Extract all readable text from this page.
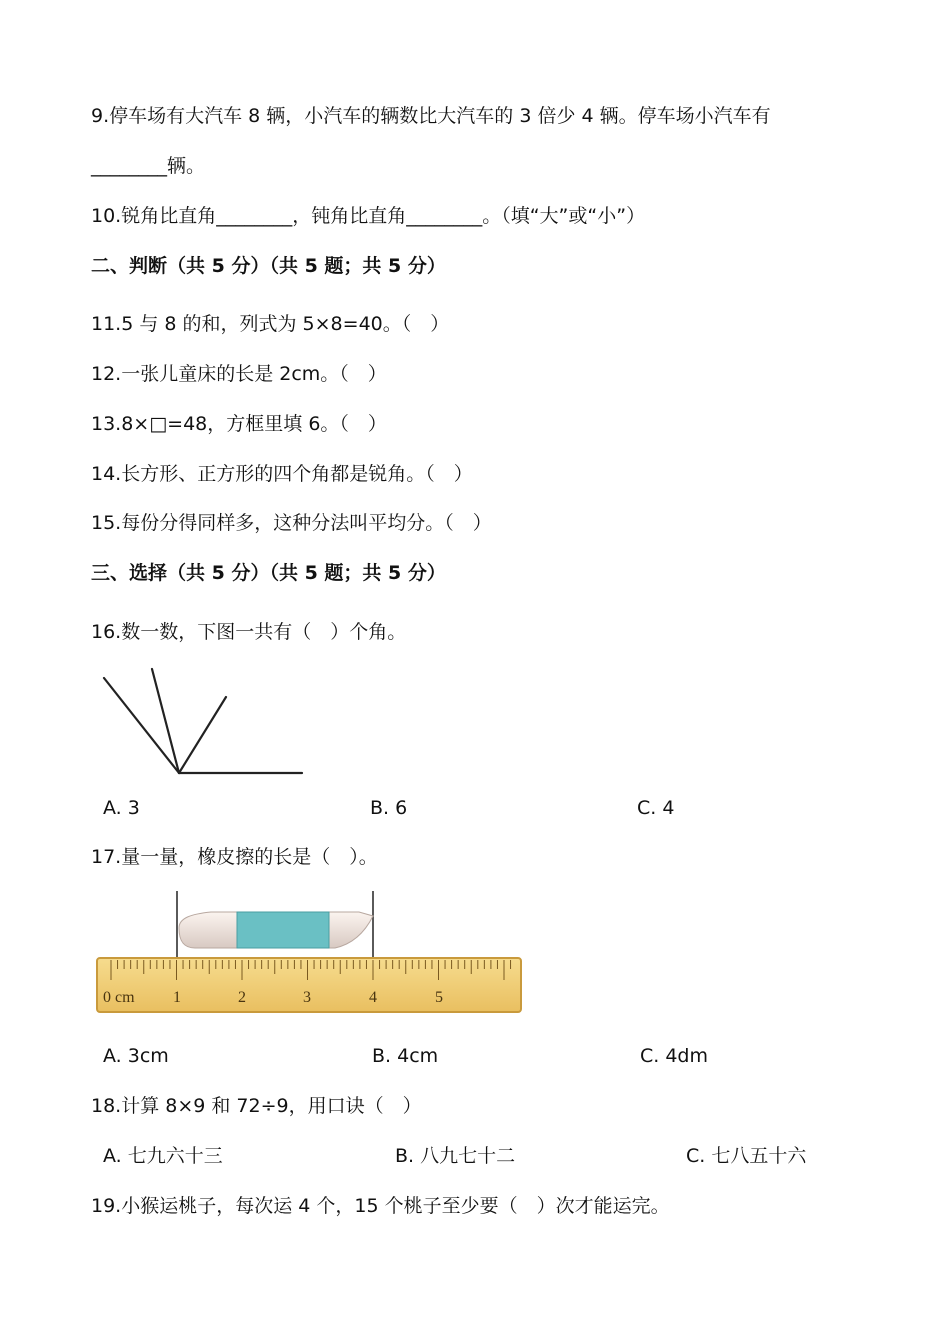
9.停车场有大汽车 8 辆，小汽车的辆数比大汽车的 3 倍少 4 辆。停车场小汽车有
________辆。
10.锐角比直角________，钝角比直角________。（填“大”或“小”）
二、判断（共 5 分）（共 5 题；共 5 分）
11.5 与 8 的和，列式为 5×8=40。（　）
12.一张儿童床的长是 2cm。（　）
13.8×□=48，方框里填 6。（　）
14.长方形、正方形的四个角都是锐角。（　）
15.每份分得同样多，这种分法叫平均分。（　）
三、选择（共 5 分）（共 5 题；共 5 分）
16.数一数，下图一共有（　）个角。
A. 3	B. 6	C. 4
17.量一量，橡皮擦的长是（　）。
0 cm 1	2	3	4	5
A. 3cm	B. 4cm	C. 4dm
18.计算 8×9 和 72÷9，用口诀（　）
A. 七九六十三	B. 八九七十二	C. 七八五十六
19.小猴运桃子，每次运 4 个，15 个桃子至少要（　）次才能运完。
